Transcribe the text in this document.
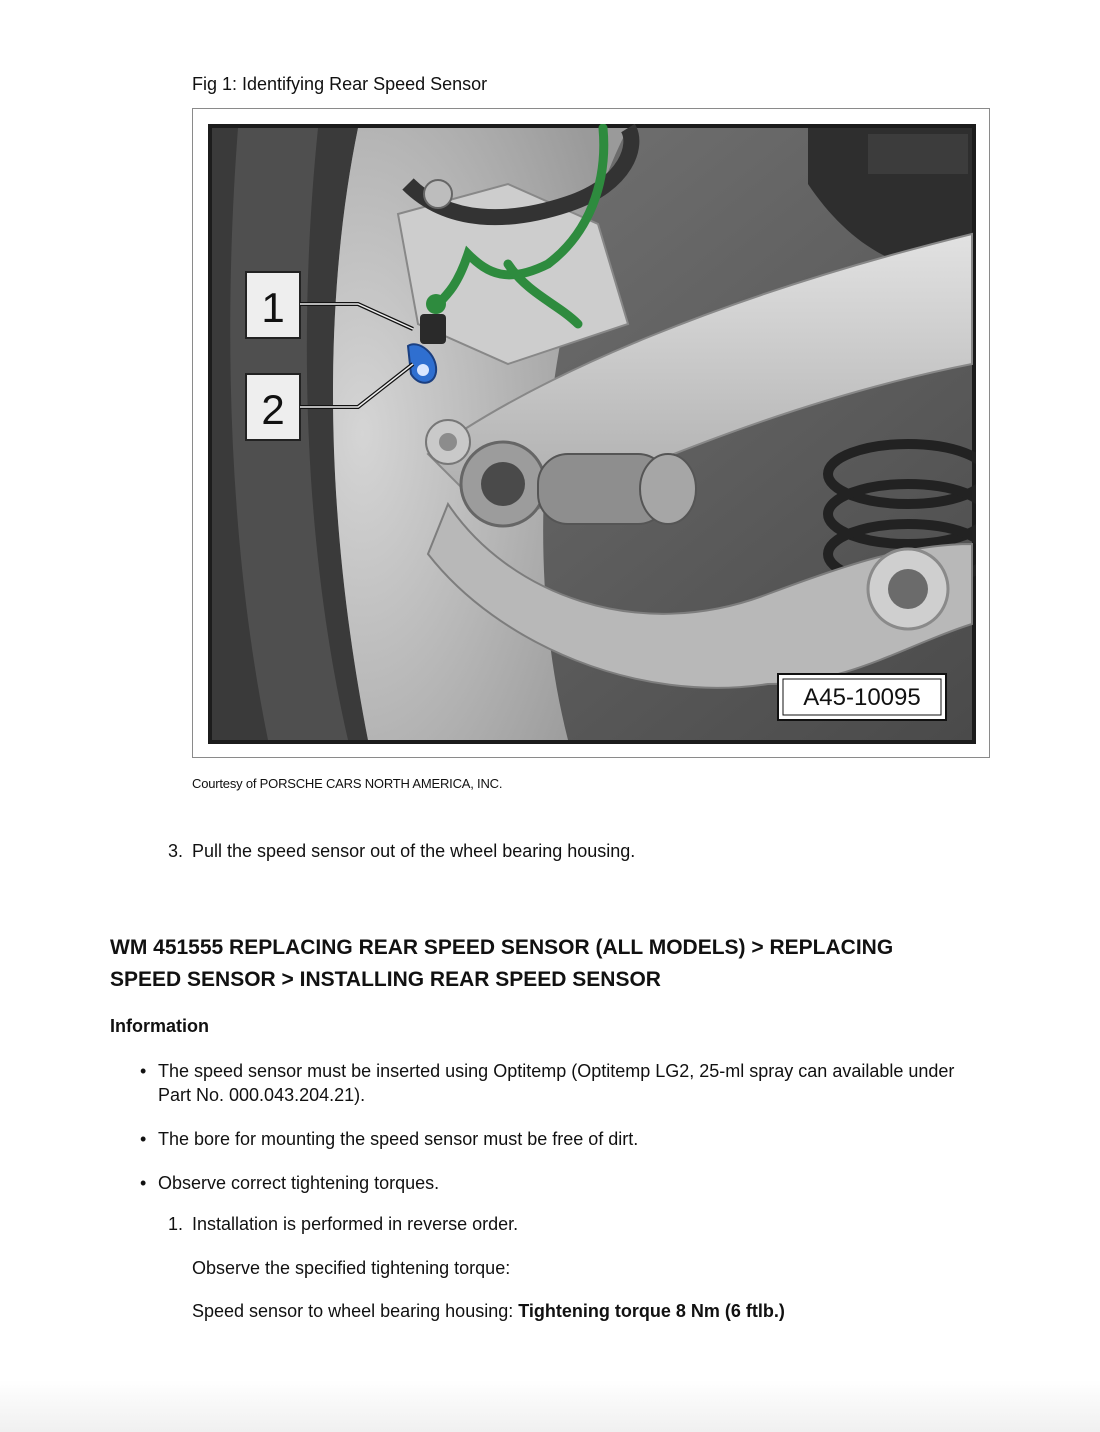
Fig 1: Identifying Rear Speed Sensor
1
2
A45-10095
Courtesy of PORSCHE CARS NORTH AMERICA, INC.
3. Pull the speed sensor out of the wheel bearing housing.
WM 451555 REPLACING REAR SPEED SENSOR (ALL MODELS) > REPLACING SPEED SENSOR > INSTALLING REAR SPEED SENSOR
Information
• The speed sensor must be inserted using Optitemp (Optitemp LG2, 25-ml spray can available under Part No. 000.043.204.21).
• The bore for mounting the speed sensor must be free of dirt.
• Observe correct tightening torques.
1. Installation is performed in reverse order.
Observe the specified tightening torque:
Speed sensor to wheel bearing housing: Tightening torque 8 Nm (6 ftlb.)
